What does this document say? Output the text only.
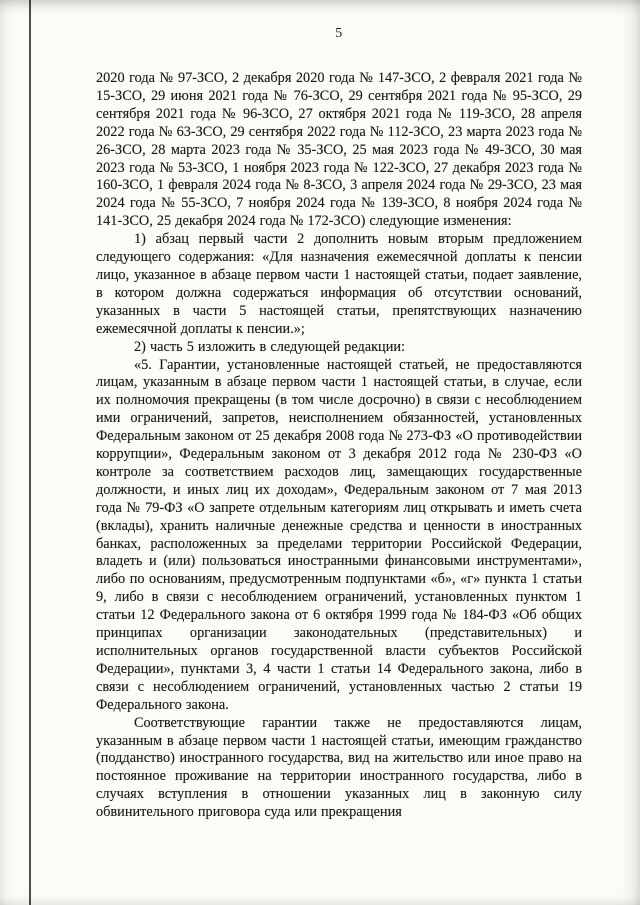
5

2020 года № 97-ЗСО, 2 декабря 2020 года № 147-ЗСО, 2 февраля 2021 года № 15-ЗСО, 29 июня 2021 года № 76-ЗСО, 29 сентября 2021 года № 95-ЗСО, 29 сентября 2021 года № 96-ЗСО, 27 октября 2021 года № 119-ЗСО, 28 апреля 2022 года № 63-ЗСО, 29 сентября 2022 года № 112-ЗСО, 23 марта 2023 года № 26-ЗСО, 28 марта 2023 года № 35-ЗСО, 25 мая 2023 года № 49-ЗСО, 30 мая 2023 года № 53-ЗСО, 1 ноября 2023 года № 122-ЗСО, 27 декабря 2023 года № 160-ЗСО, 1 февраля 2024 года № 8-ЗСО, 3 апреля 2024 года № 29-ЗСО, 23 мая 2024 года № 55-ЗСО, 7 ноября 2024 года № 139-ЗСО, 8 ноября 2024 года № 141-ЗСО, 25 декабря 2024 года № 172-ЗСО) следующие изменения:

1) абзац первый части 2 дополнить новым вторым предложением следующего содержания: «Для назначения ежемесячной доплаты к пенсии лицо, указанное в абзаце первом части 1 настоящей статьи, подает заявление, в котором должна содержаться информация об отсутствии оснований, указанных в части 5 настоящей статьи, препятствующих назначению ежемесячной доплаты к пенсии.»;

2) часть 5 изложить в следующей редакции:

«5. Гарантии, установленные настоящей статьей, не предоставляются лицам, указанным в абзаце первом части 1 настоящей статьи, в случае, если их полномочия прекращены (в том числе досрочно) в связи с несоблюдением ими ограничений, запретов, неисполнением обязанностей, установленных Федеральным законом от 25 декабря 2008 года № 273-ФЗ «О противодействии коррупции», Федеральным законом от 3 декабря 2012 года № 230-ФЗ «О контроле за соответствием расходов лиц, замещающих государственные должности, и иных лиц их доходам», Федеральным законом от 7 мая 2013 года № 79-ФЗ «О запрете отдельным категориям лиц открывать и иметь счета (вклады), хранить наличные денежные средства и ценности в иностранных банках, расположенных за пределами территории Российской Федерации, владеть и (или) пользоваться иностранными финансовыми инструментами», либо по основаниям, предусмотренным подпунктами «б», «г» пункта 1 статьи 9, либо в связи с несоблюдением ограничений, установленных пунктом 1 статьи 12 Федерального закона от 6 октября 1999 года № 184-ФЗ «Об общих принципах организации законодательных (представительных) и исполнительных органов государственной власти субъектов Российской Федерации», пунктами 3, 4 части 1 статьи 14 Федерального закона, либо в связи с несоблюдением ограничений, установленных частью 2 статьи 19 Федерального закона.

Соответствующие гарантии также не предоставляются лицам, указанным в абзаце первом части 1 настоящей статьи, имеющим гражданство (подданство) иностранного государства, вид на жительство или иное право на постоянное проживание на территории иностранного государства, либо в случаях вступления в отношении указанных лиц в законную силу обвинительного приговора суда или прекращения
